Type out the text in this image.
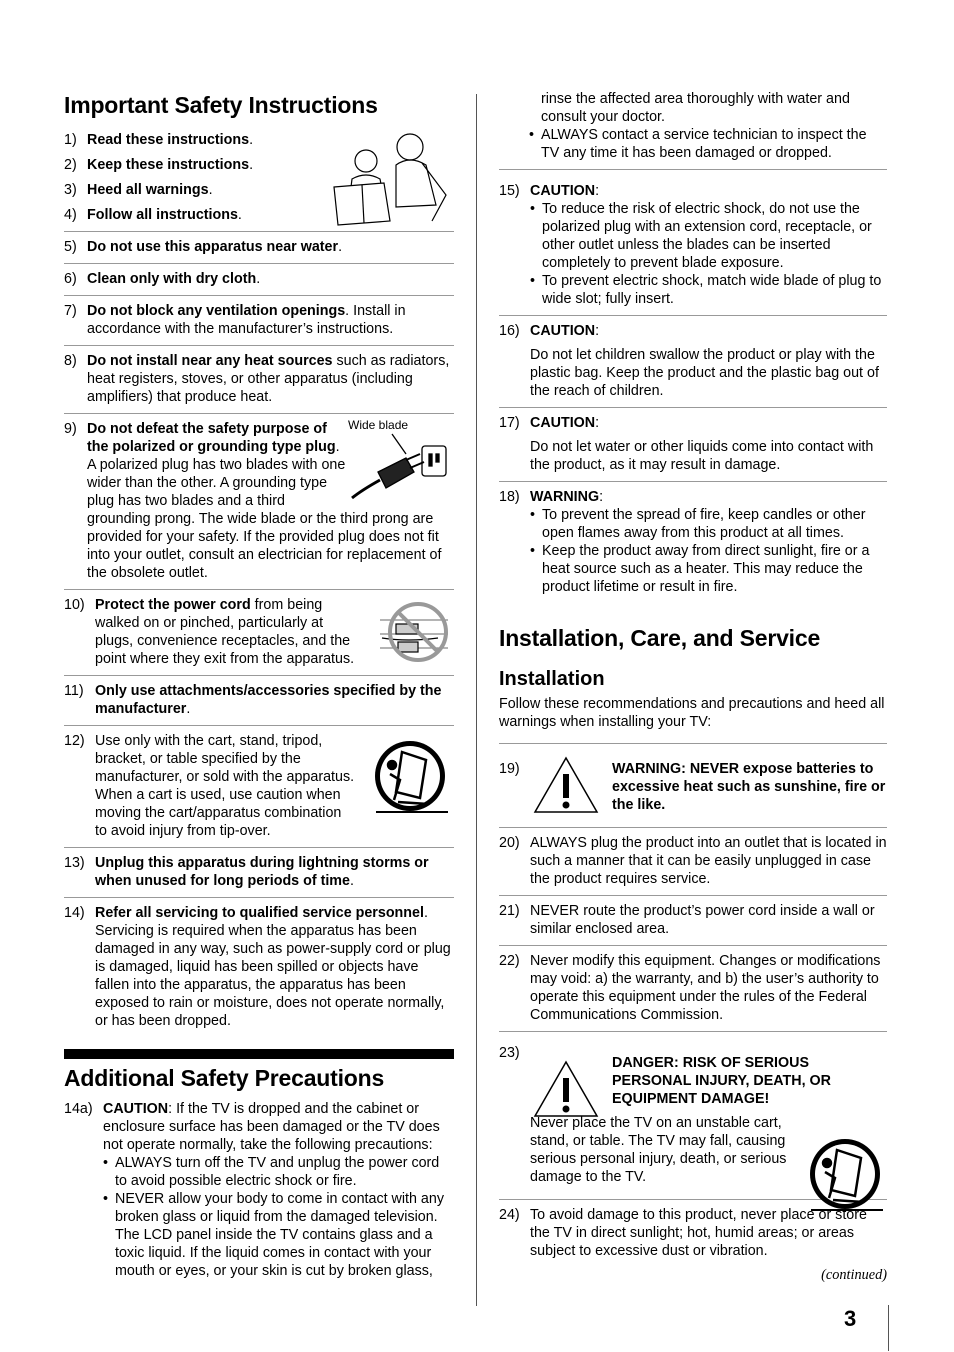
Important Safety Instructions
1) Read these instructions.
2) Keep these instructions.
3) Heed all warnings.
4) Follow all instructions.
5) Do not use this apparatus near water.
6) Clean only with dry cloth.
7) Do not block any ventilation openings. Install in accordance with the manufacturer’s instructions.
8) Do not install near any heat sources such as radiators, heat registers, stoves, or other apparatus (including amplifiers) that produce heat.
9)	Wide blade
Do not defeat the safety purpose of the polarized or grounding type plug. A polarized plug has two blades with one wider than the other. A grounding type plug has two blades and a third
grounding prong. The wide blade or the third prong are provided for your safety. If the provided plug does not fit into your outlet, consult an electrician for replacement of the obsolete outlet.
10) Protect the power cord from being walked on or pinched, particularly at plugs, convenience receptacles, and the point where they exit from the apparatus.
11) Only use attachments/accessories specified by the manufacturer.
12) Use only with the cart, stand, tripod, bracket, or table specified by the manufacturer, or sold with the apparatus. When a cart is used, use caution when moving the cart/apparatus combination to avoid injury from tip-over.
13) Unplug this apparatus during lightning storms or when unused for long periods of time.
14) Refer all servicing to qualified service personnel. Servicing is required when the apparatus has been damaged in any way, such as power-supply cord or plug is damaged, liquid has been spilled or objects have fallen into the apparatus, the apparatus has been exposed to rain or moisture, does not operate normally, or has been dropped.
Additional Safety Precautions
14a) CAUTION: If the TV is dropped and the cabinet or enclosure surface has been damaged or the TV does not operate normally, take the following precautions:
• ALWAYS turn off the TV and unplug the power cord to avoid possible electric shock or fire.
• NEVER allow your body to come in contact with any broken glass or liquid from the damaged television. The LCD panel inside the TV contains glass and a toxic liquid. If the liquid comes in contact with your mouth or eyes, or your skin is cut by broken glass,
rinse the affected area thoroughly with water and consult your doctor.
• ALWAYS contact a service technician to inspect the TV any time it has been damaged or dropped.
15) CAUTION:
• To reduce the risk of electric shock, do not use the polarized plug with an extension cord, receptacle, or other outlet unless the blades can be inserted completely to prevent blade exposure.
• To prevent electric shock, match wide blade of plug to wide slot; fully insert.
16) CAUTION:
Do not let children swallow the product or play with the plastic bag. Keep the product and the plastic bag out of the reach of children.
17) CAUTION:
Do not let water or other liquids come into contact with the product, as it may result in damage.
18) WARNING:
• To prevent the spread of fire, keep candles or other open flames away from this product at all times.
• Keep the product away from direct sunlight, fire or a heat source such as a heater. This may reduce the product lifetime or result in fire.
Installation, Care, and Service
Installation
Follow these recommendations and precautions and heed all warnings when installing your TV:
19)	WARNING: NEVER expose batteries to excessive heat such as sunshine, fire or the like.
20) ALWAYS plug the product into an outlet that is located in such a manner that it can be easily unplugged in case the product requires service.
21) NEVER route the product’s power cord inside a wall or similar enclosed area.
22) Never modify this equipment. Changes or modifications may void: a) the warranty, and b) the user’s authority to operate this equipment under the rules of the Federal Communications Commission.
23)
DANGER: RISK OF SERIOUS PERSONAL INJURY, DEATH, OR EQUIPMENT DAMAGE!
Never place the TV on an unstable cart, stand, or table. The TV may fall, causing serious personal injury, death, or serious damage to the TV.
24) To avoid damage to this product, never place or store the TV in direct sunlight; hot, humid areas; or areas subject to excessive dust or vibration.
(continued)
3
